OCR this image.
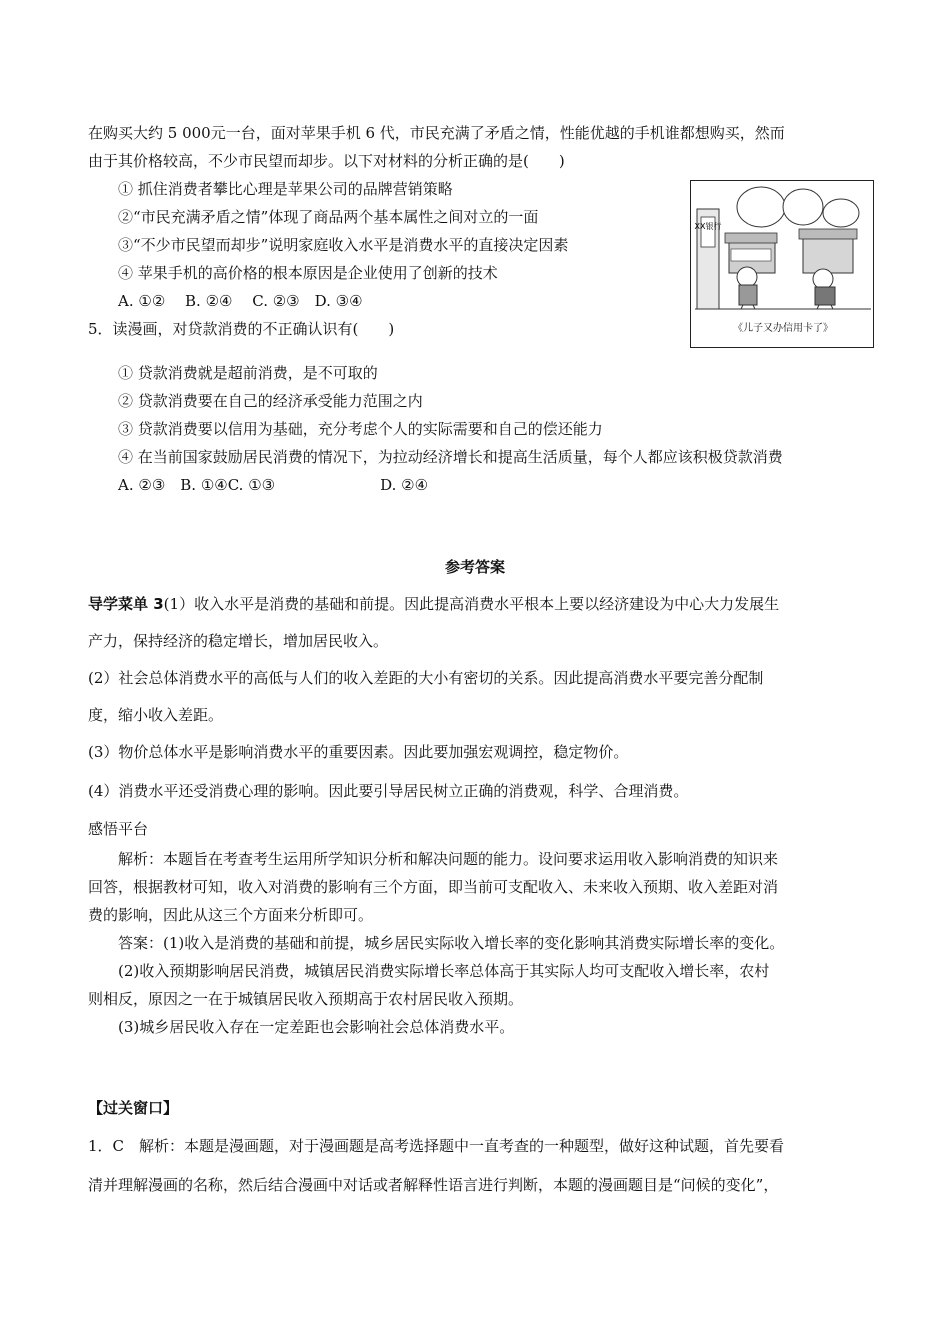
在购买大约 5 000元一台，面对苹果手机 6 代，市民充满了矛盾之情，性能优越的手机谁都想购买，然而
由于其价格较高，不少市民望而却步。以下对材料的分析正确的是(　　)
① 抓住消费者攀比心理是苹果公司的品牌营销策略
②“市民充满矛盾之情”体现了商品两个基本属性之间对立的一面
③“不少市民望而却步”说明家庭收入水平是消费水平的直接决定因素
④ 苹果手机的高价格的根本原因是企业使用了创新的技术
A. ①②　 B. ②④　 C. ②③　D. ③④
XX银行
《儿子又办信用卡了》
5．读漫画，对贷款消费的不正确认识有(　　)
① 贷款消费就是超前消费，是不可取的
② 贷款消费要在自己的经济承受能力范围之内
③ 贷款消费要以信用为基础，充分考虑个人的实际需要和自己的偿还能力
④ 在当前国家鼓励居民消费的情况下，为拉动经济增长和提高生活质量，每个人都应该积极贷款消费
A. ②③　B. ①④C. ①③　　　　　　　D. ②④
参考答案
导学菜单 3(1）收入水平是消费的基础和前提。因此提高消费水平根本上要以经济建设为中心大力发展生
产力，保持经济的稳定增长，增加居民收入。
(2）社会总体消费水平的高低与人们的收入差距的大小有密切的关系。因此提高消费水平要完善分配制
度，缩小收入差距。
(3）物价总体水平是影响消费水平的重要因素。因此要加强宏观调控，稳定物价。
(4）消费水平还受消费心理的影响。因此要引导居民树立正确的消费观，科学、合理消费。
感悟平台
解析：本题旨在考查考生运用所学知识分析和解决问题的能力。设问要求运用收入影响消费的知识来
回答，根据教材可知，收入对消费的影响有三个方面，即当前可支配收入、未来收入预期、收入差距对消
费的影响，因此从这三个方面来分析即可。
答案：(1)收入是消费的基础和前提，城乡居民实际收入增长率的变化影响其消费实际增长率的变化。
(2)收入预期影响居民消费，城镇居民消费实际增长率总体高于其实际人均可支配收入增长率，农村
则相反，原因之一在于城镇居民收入预期高于农村居民收入预期。
(3)城乡居民收入存在一定差距也会影响社会总体消费水平。
【过关窗口】
1．C　解析：本题是漫画题，对于漫画题是高考选择题中一直考查的一种题型，做好这种试题，首先要看
清并理解漫画的名称，然后结合漫画中对话或者解释性语言进行判断，本题的漫画题目是“问候的变化”，
